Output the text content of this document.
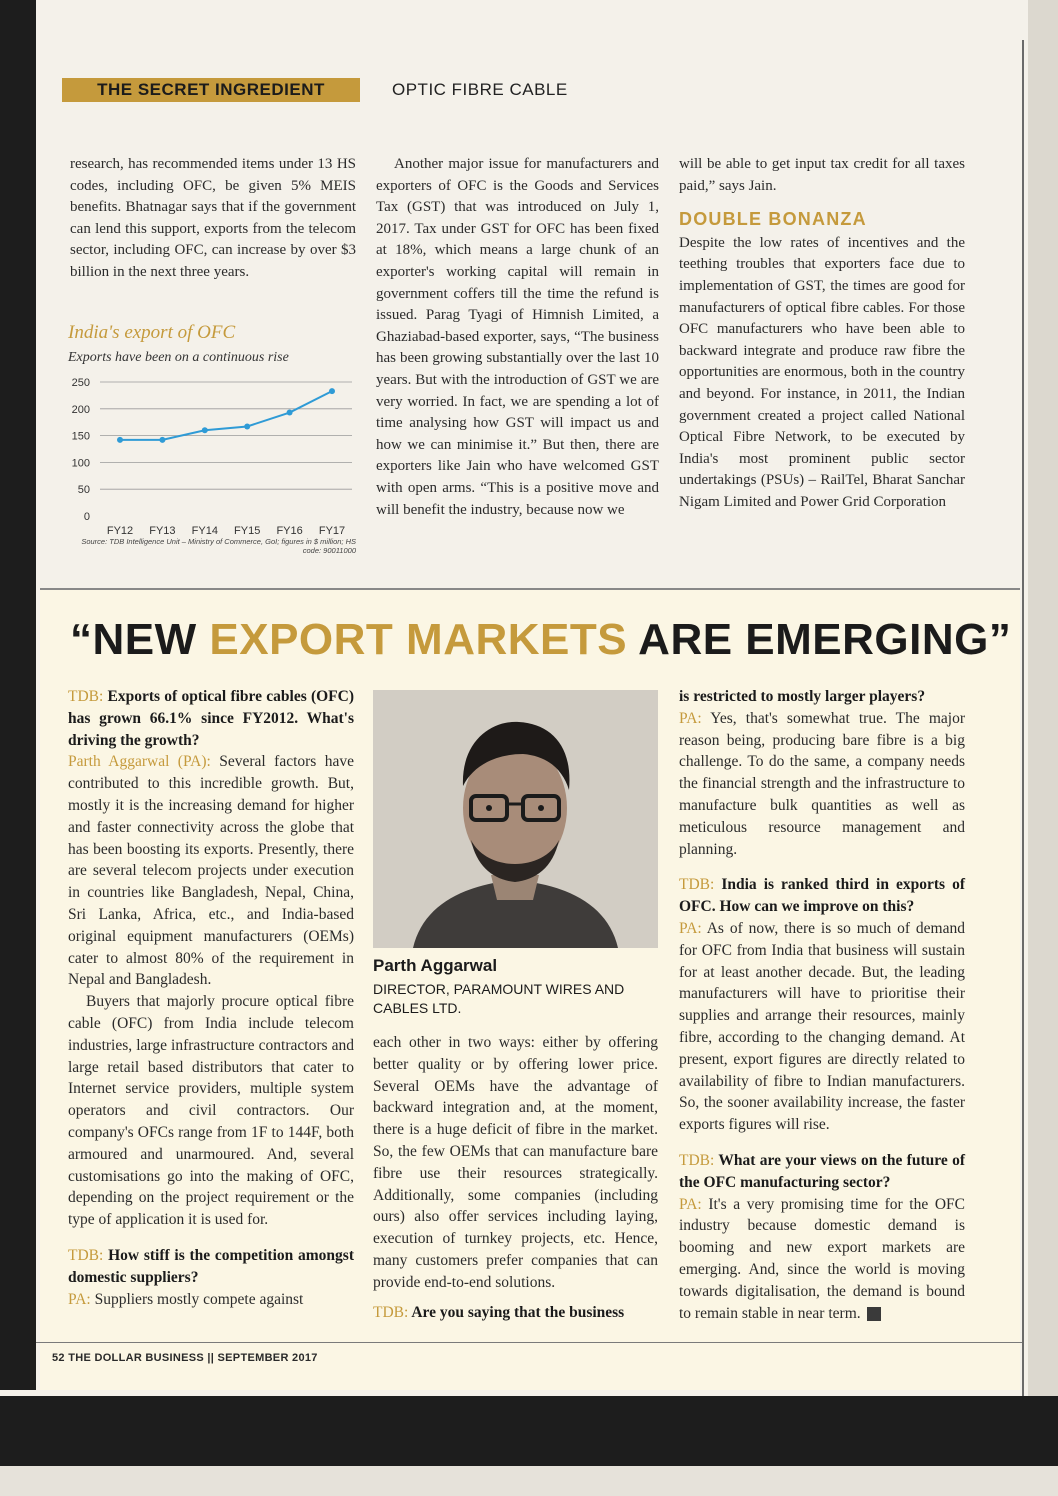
THE SECRET INGREDIENT	OPTIC FIBRE CABLE

research, has recommended items under 13 HS codes, including OFC, be given 5% MEIS benefits. Bhatnagar says that if the government can lend this support, exports from the telecom sector, including OFC, can increase by over $3 billion in the next three years.

India's export of OFC
Exports have been on a continuous rise
0
50
100
150
200
250
FY12 FY13 FY14 FY15 FY16 FY17
Source: TDB Intelligence Unit – Ministry of Commerce, GoI; figures in $ million; HS code: 90011000

Another major issue for manufacturers and exporters of OFC is the Goods and Services Tax (GST) that was introduced on July 1, 2017. Tax under GST for OFC has been fixed at 18%, which means a large chunk of an exporter's working capital will remain in government coffers till the time the refund is issued. Parag Tyagi of Himnish Limited, a Ghaziabad-based exporter, says, “The business has been growing substantially over the last 10 years. But with the introduction of GST we are very worried. In fact, we are spending a lot of time analysing how GST will impact us and how we can minimise it.” But then, there are exporters like Jain who have welcomed GST with open arms. “This is a positive move and will benefit the industry, because now we

will be able to get input tax credit for all taxes paid,” says Jain.

DOUBLE BONANZA

Despite the low rates of incentives and the teething troubles that exporters face due to implementation of GST, the times are good for manufacturers of optical fibre cables. For those OFC manufacturers who have been able to backward integrate and produce raw fibre the opportunities are enormous, both in the country and beyond. For instance, in 2011, the Indian government created a project called National Optical Fibre Network, to be executed by India's most prominent public sector undertakings (PSUs) – RailTel, Bharat Sanchar Nigam Limited and Power Grid Corporation

“NEW EXPORT MARKETS ARE EMERGING”

TDB: Exports of optical fibre cables (OFC) has grown 66.1% since FY2012. What's driving the growth?

Parth Aggarwal (PA): Several factors have contributed to this incredible growth. But, mostly it is the increasing demand for higher and faster connectivity across the globe that has been boosting its exports. Presently, there are several telecom projects under execution in countries like Bangladesh, Nepal, China, Sri Lanka, Africa, etc., and India-based original equipment manufacturers (OEMs) cater to almost 80% of the requirement in Nepal and Bangladesh.

Buyers that majorly procure optical fibre cable (OFC) from India include telecom industries, large infrastructure contractors and large retail based distributors that cater to Internet service providers, multiple system operators and civil contractors. Our company's OFCs range from 1F to 144F, both armoured and unarmoured. And, several customisations go into the making of OFC, depending on the project requirement or the type of application it is used for.

TDB: How stiff is the competition amongst domestic suppliers?

PA: Suppliers mostly compete against

Parth Aggarwal
DIRECTOR, PARAMOUNT WIRES AND CABLES LTD.

each other in two ways: either by offering better quality or by offering lower price. Several OEMs have the advantage of backward integration and, at the moment, there is a huge deficit of fibre in the market. So, the few OEMs that can manufacture bare fibre use their resources strategically. Additionally, some companies (including ours) also offer services including laying, execution of turnkey projects, etc. Hence, many customers prefer companies that can provide end-to-end solutions.

TDB: Are you saying that the business

is restricted to mostly larger players?

PA: Yes, that's somewhat true. The major reason being, producing bare fibre is a big challenge. To do the same, a company needs the financial strength and the infrastructure to manufacture bulk quantities as well as meticulous resource management and planning.

TDB: India is ranked third in exports of OFC. How can we improve on this?

PA: As of now, there is so much of demand for OFC from India that business will sustain for at least another decade. But, the leading manufacturers will have to prioritise their supplies and arrange their resources, mainly fibre, according to the changing demand. At present, export figures are directly related to availability of fibre to Indian manufacturers. So, the sooner availability increase, the faster exports figures will rise.

TDB: What are your views on the future of the OFC manufacturing sector?

PA: It's a very promising time for the OFC industry because domestic demand is booming and new export markets are emerging. And, since the world is moving towards digitalisation, the demand is bound to remain stable in near term.

52 THE DOLLAR BUSINESS || SEPTEMBER 2017
